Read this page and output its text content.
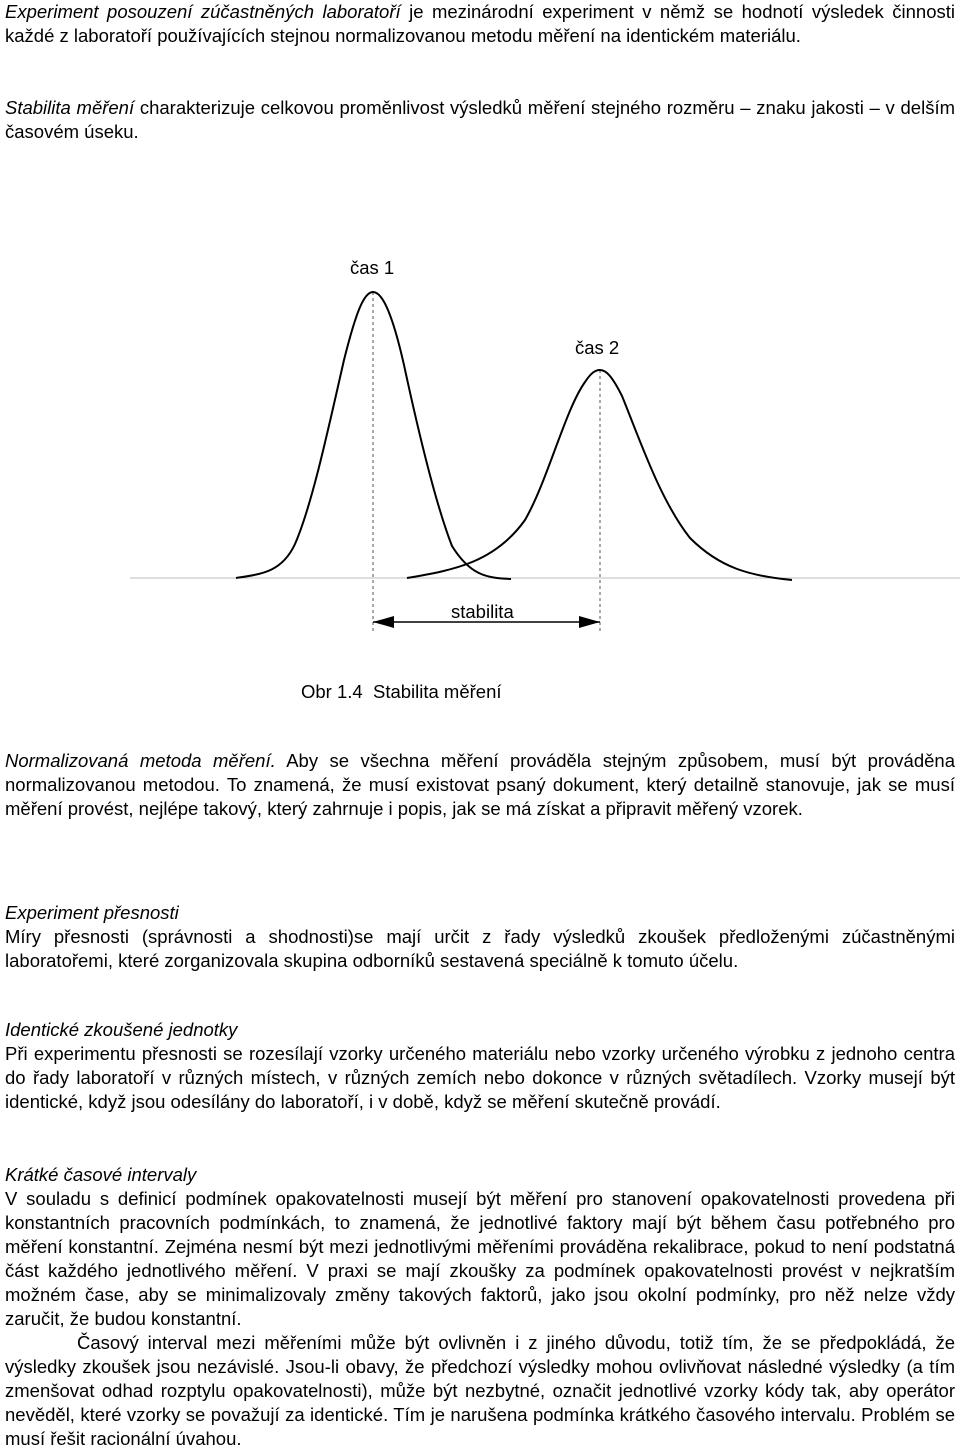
Experiment posouzení zúčastněných laboratoří je mezinárodní experiment v němž se hodnotí výsledek činnosti každé z laboratoří používajících stejnou normalizovanou metodu měření na identickém materiálu.

Stabilita měření charakterizuje celkovou proměnlivost výsledků měření stejného rozměru – znaku jakosti – v delším časovém úseku.

čas 1
čas 2
stabilita
Obr 1.4  Stabilita měření

Normalizovaná metoda měření. Aby se všechna měření prováděla stejným způsobem, musí být prováděna normalizovanou metodou. To znamená, že musí existovat psaný dokument, který detailně stanovuje, jak se musí měření provést, nejlépe takový, který zahrnuje i popis, jak se má získat a připravit měřený vzorek.

Experiment přesnosti

Míry přesnosti (správnosti a shodnosti)se mají určit z řady výsledků zkoušek předloženými zúčastněnými laboratořemi, které zorganizovala skupina odborníků sestavená speciálně k tomuto účelu.

Identické zkoušené jednotky

Při experimentu přesnosti se rozesílají vzorky určeného materiálu nebo vzorky určeného výrobku z jednoho centra do řady laboratoří v různých místech, v různých zemích nebo dokonce v různých světadílech. Vzorky musejí být identické, když jsou odesílány do laboratoří, i v době, když se měření skutečně provádí.

Krátké časové intervaly

V souladu s definicí podmínek opakovatelnosti musejí být měření pro stanovení opakovatelnosti provedena při konstantních pracovních podmínkách, to znamená, že jednotlivé faktory mají být během času potřebného pro měření konstantní. Zejména nesmí být mezi jednotlivými měřeními prováděna rekalibrace, pokud to není podstatná část každého jednotlivého měření. V praxi se mají zkoušky za podmínek opakovatelnosti provést v nejkratším možném čase, aby se minimalizovaly změny takových faktorů, jako jsou okolní podmínky, pro něž nelze vždy zaručit, že budou konstantní.

Časový interval mezi měřeními může být ovlivněn i z jiného důvodu, totiž tím, že se předpokládá, že výsledky zkoušek jsou nezávislé. Jsou-li obavy, že předchozí výsledky mohou ovlivňovat následné výsledky (a tím zmenšovat odhad rozptylu opakovatelnosti), může být nezbytné, označit jednotlivé vzorky kódy tak, aby operátor nevěděl, které vzorky se považují za identické. Tím je narušena podmínka krátkého časového intervalu. Problém se musí řešit racionální úvahou.
